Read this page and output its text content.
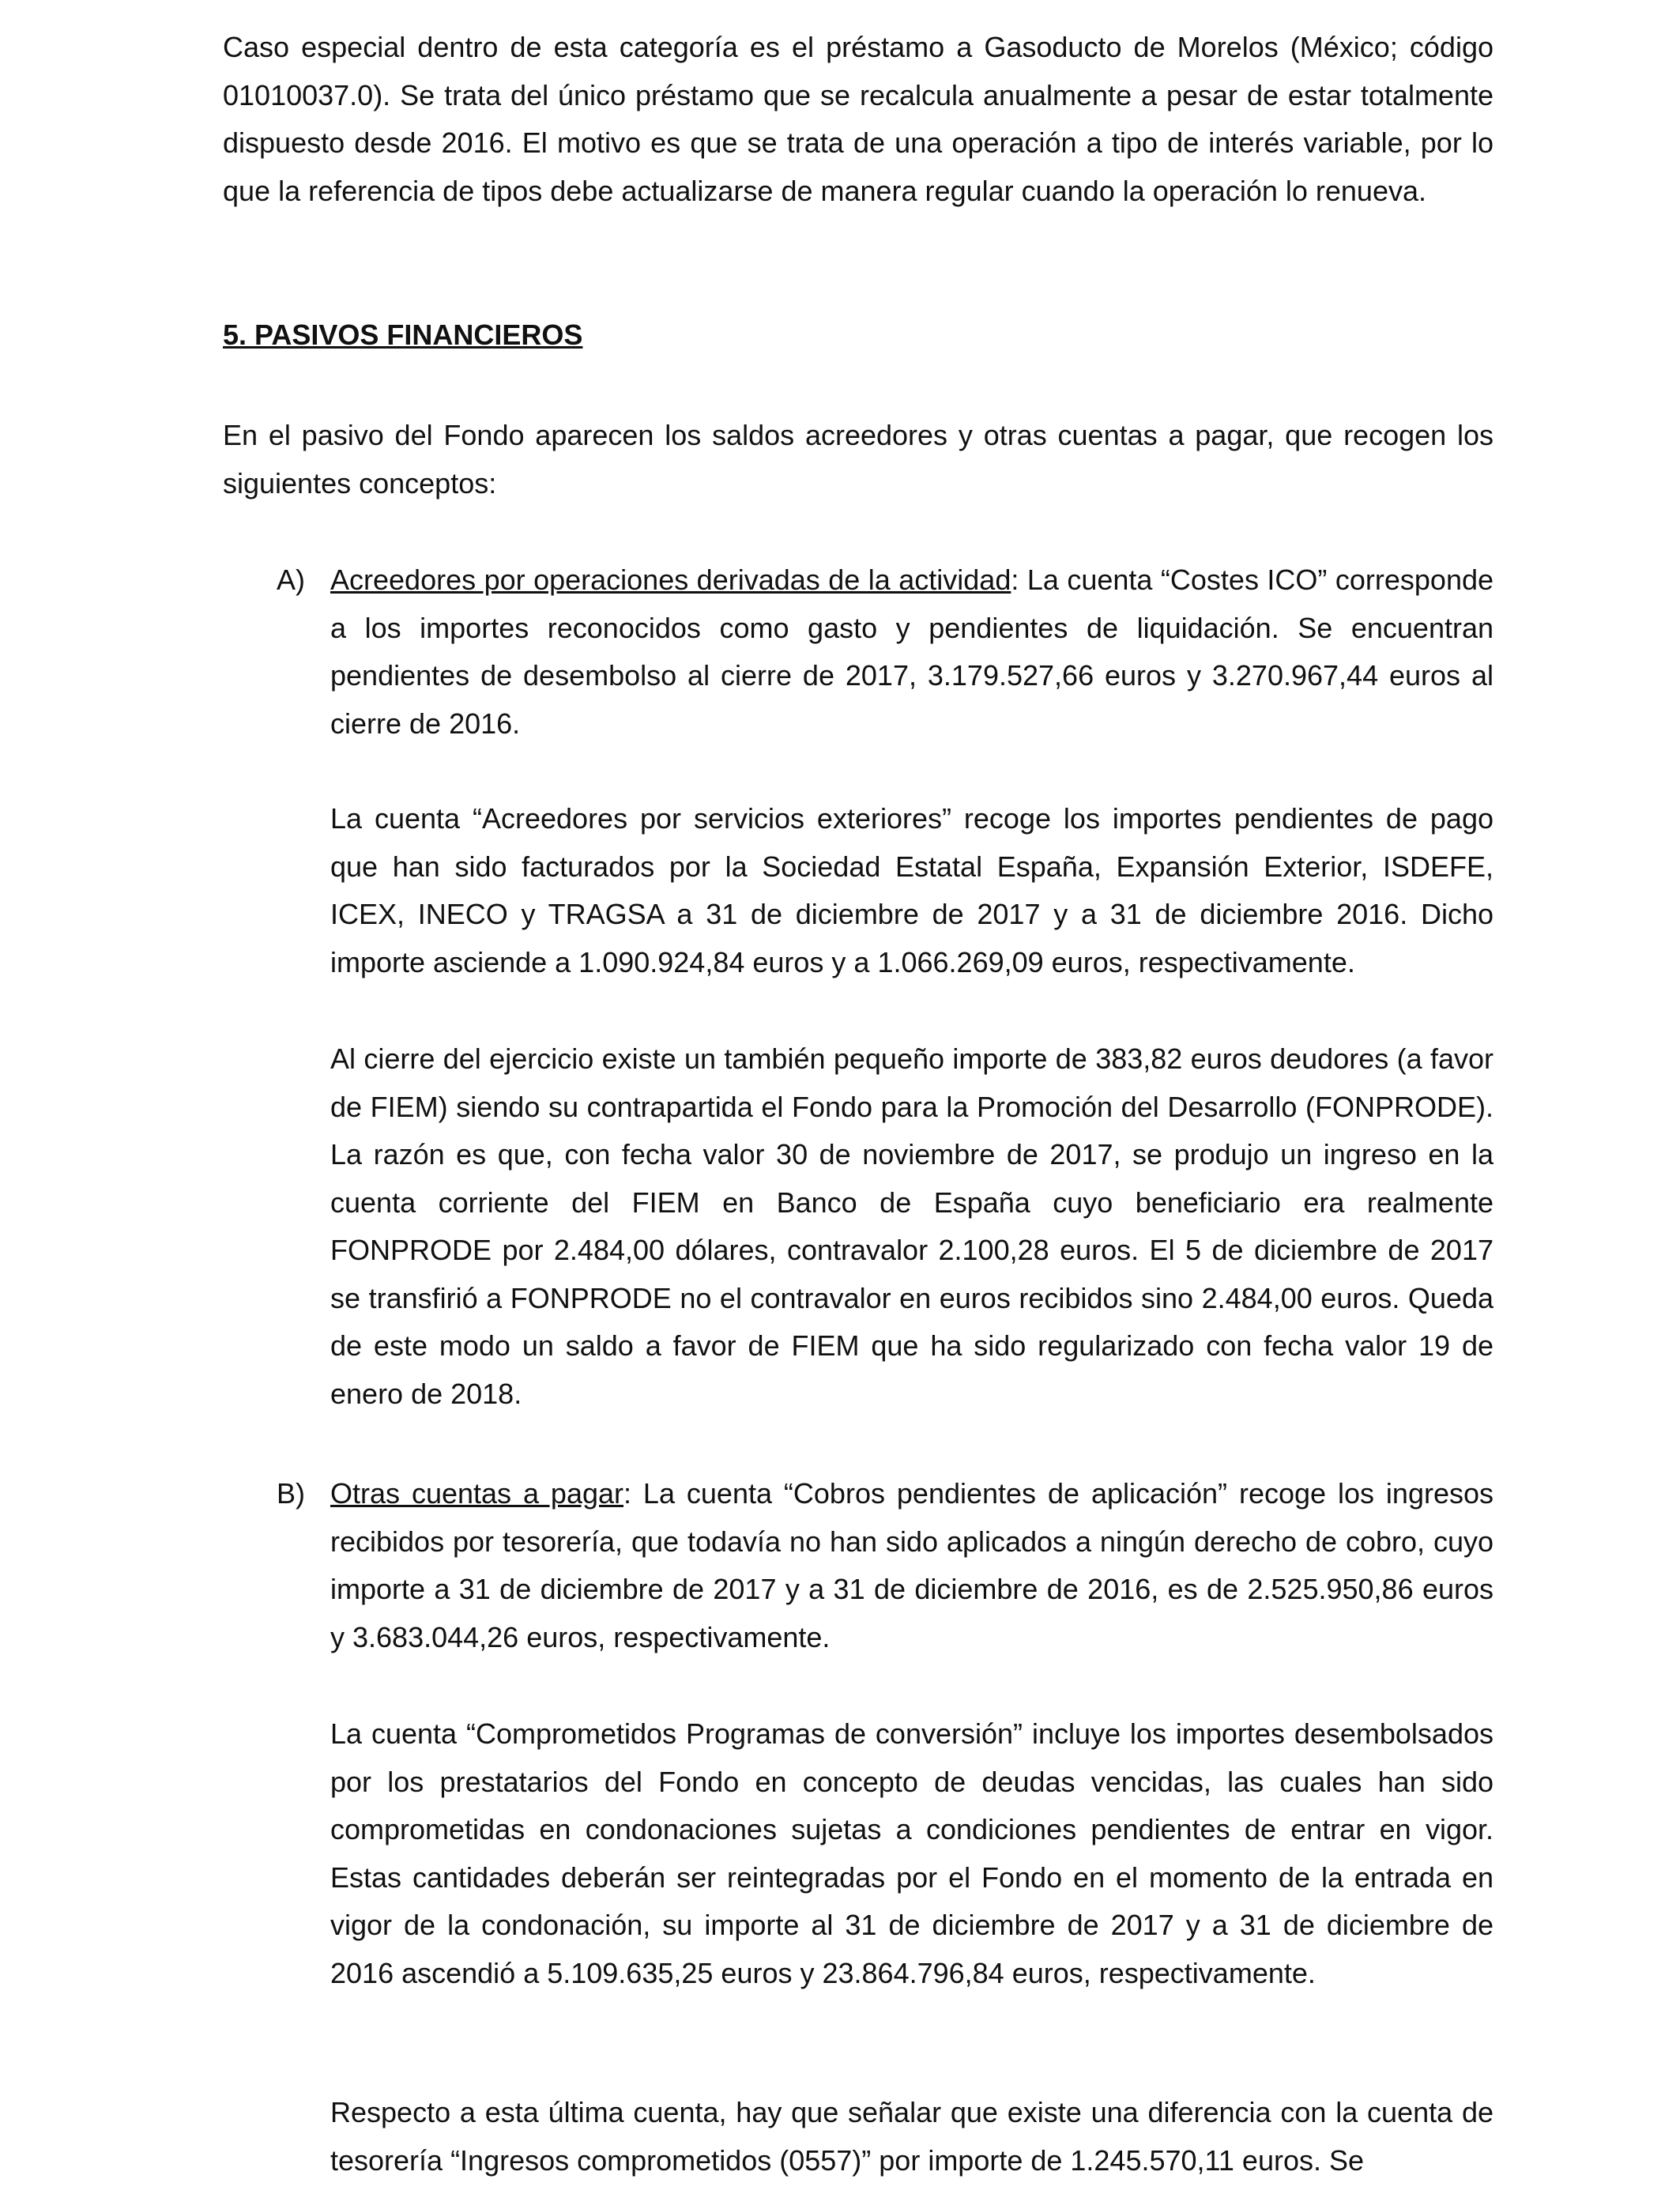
Caso especial dentro de esta categoría es el préstamo a Gasoducto de Morelos (México; código 01010037.0). Se trata del único préstamo que se recalcula anualmente a pesar de estar totalmente dispuesto desde 2016. El motivo es que se trata de una operación a tipo de interés variable, por lo que la referencia de tipos debe actualizarse de manera regular cuando la operación lo renueva.

5. PASIVOS FINANCIEROS

En el pasivo del Fondo aparecen los saldos acreedores y otras cuentas a pagar, que recogen los siguientes conceptos:

A) Acreedores por operaciones derivadas de la actividad: La cuenta “Costes ICO” corresponde a los importes reconocidos como gasto y pendientes de liquidación. Se encuentran pendientes de desembolso al cierre de 2017, 3.179.527,66 euros y 3.270.967,44 euros al cierre de 2016.

La cuenta “Acreedores por servicios exteriores” recoge los importes pendientes de pago que han sido facturados por la Sociedad Estatal España, Expansión Exterior, ISDEFE, ICEX, INECO y TRAGSA a 31 de diciembre de 2017 y a 31 de diciembre 2016. Dicho importe asciende a 1.090.924,84 euros y a 1.066.269,09 euros, respectivamente.

Al cierre del ejercicio existe un también pequeño importe de 383,82 euros deudores (a favor de FIEM) siendo su contrapartida el Fondo para la Promoción del Desarrollo (FONPRODE). La razón es que, con fecha valor 30 de noviembre de 2017, se produjo un ingreso en la cuenta corriente del FIEM en Banco de España cuyo beneficiario era realmente FONPRODE por 2.484,00 dólares, contravalor 2.100,28 euros. El 5 de diciembre de 2017 se transfirió a FONPRODE no el contravalor en euros recibidos sino 2.484,00 euros. Queda de este modo un saldo a favor de FIEM que ha sido regularizado con fecha valor 19 de enero de 2018.

B) Otras cuentas a pagar: La cuenta “Cobros pendientes de aplicación” recoge los ingresos recibidos por tesorería, que todavía no han sido aplicados a ningún derecho de cobro, cuyo importe a 31 de diciembre de 2017 y a 31 de diciembre de 2016, es de 2.525.950,86 euros y 3.683.044,26 euros, respectivamente.

La cuenta “Comprometidos Programas de conversión” incluye los importes desembolsados por los prestatarios del Fondo en concepto de deudas vencidas, las cuales han sido comprometidas en condonaciones sujetas a condiciones pendientes de entrar en vigor. Estas cantidades deberán ser reintegradas por el Fondo en el momento de la entrada en vigor de la condonación, su importe al 31 de diciembre de 2017 y a 31 de diciembre de 2016 ascendió a 5.109.635,25 euros y 23.864.796,84 euros, respectivamente.

Respecto a esta última cuenta, hay que señalar que existe una diferencia con la cuenta de tesorería “Ingresos comprometidos (0557)” por importe de 1.245.570,11 euros. Se
